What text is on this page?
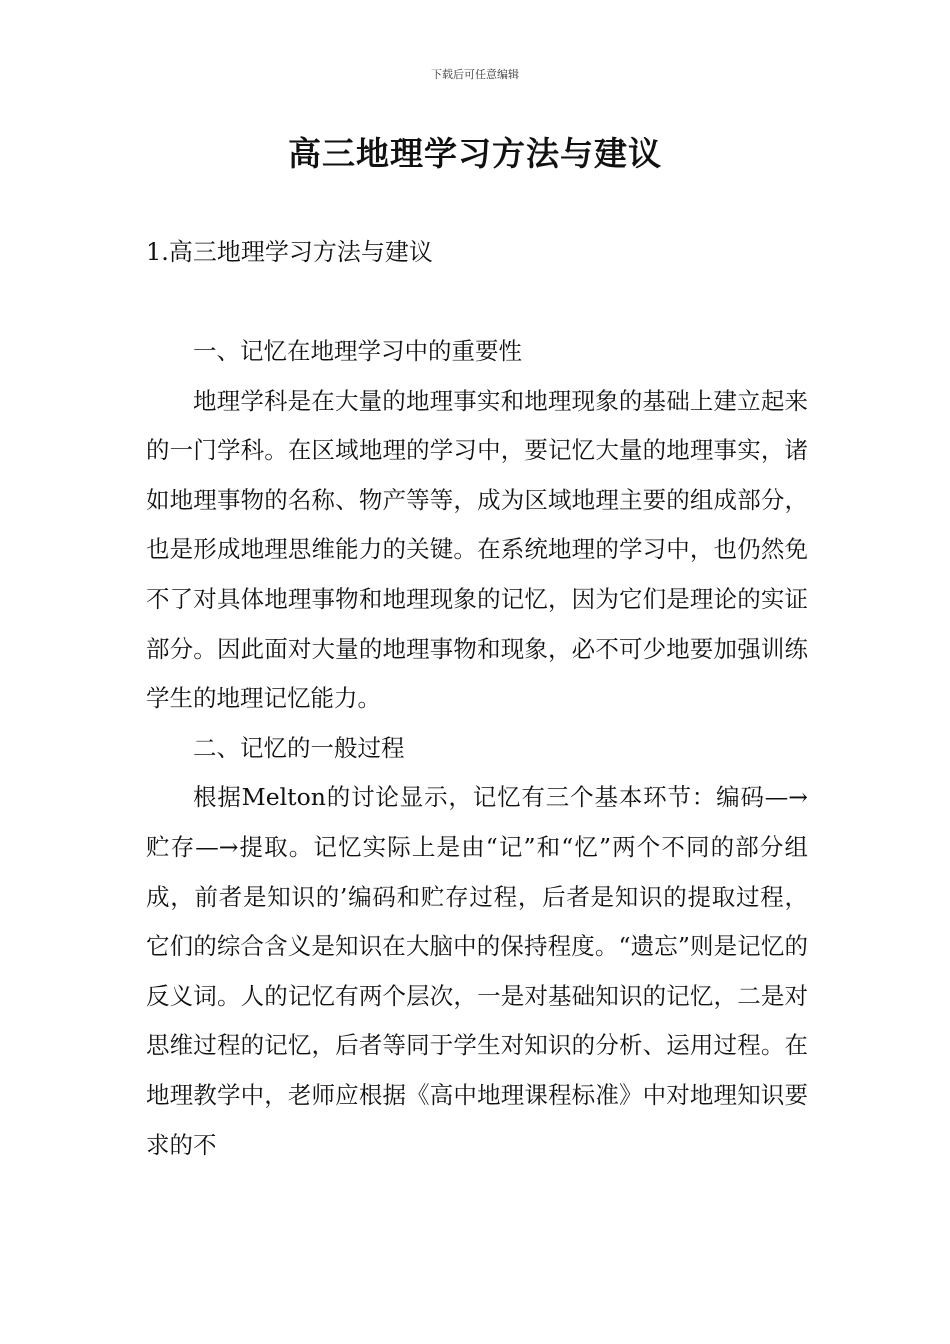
下载后可任意编辑
高三地理学习方法与建议
1.高三地理学习方法与建议

一、记忆在地理学习中的重要性

地理学科是在大量的地理事实和地理现象的基础上建立起来的一门学科。在区域地理的学习中，要记忆大量的地理事实，诸如地理事物的名称、物产等等，成为区域地理主要的组成部分，也是形成地理思维能力的关键。在系统地理的学习中，也仍然免不了对具体地理事物和地理现象的记忆，因为它们是理论的实证部分。因此面对大量的地理事物和现象，必不可少地要加强训练学生的地理记忆能力。

二、记忆的一般过程

根据Melton的讨论显示，记忆有三个基本环节：编码—→贮存—→提取。记忆实际上是由“记”和“忆”两个不同的部分组成，前者是知识的’编码和贮存过程，后者是知识的提取过程，它们的综合含义是知识在大脑中的保持程度。“遗忘”则是记忆的反义词。人的记忆有两个层次，一是对基础知识的记忆，二是对思维过程的记忆，后者等同于学生对知识的分析、运用过程。在地理教学中，老师应根据《高中地理课程标准》中对地理知识要求的不
